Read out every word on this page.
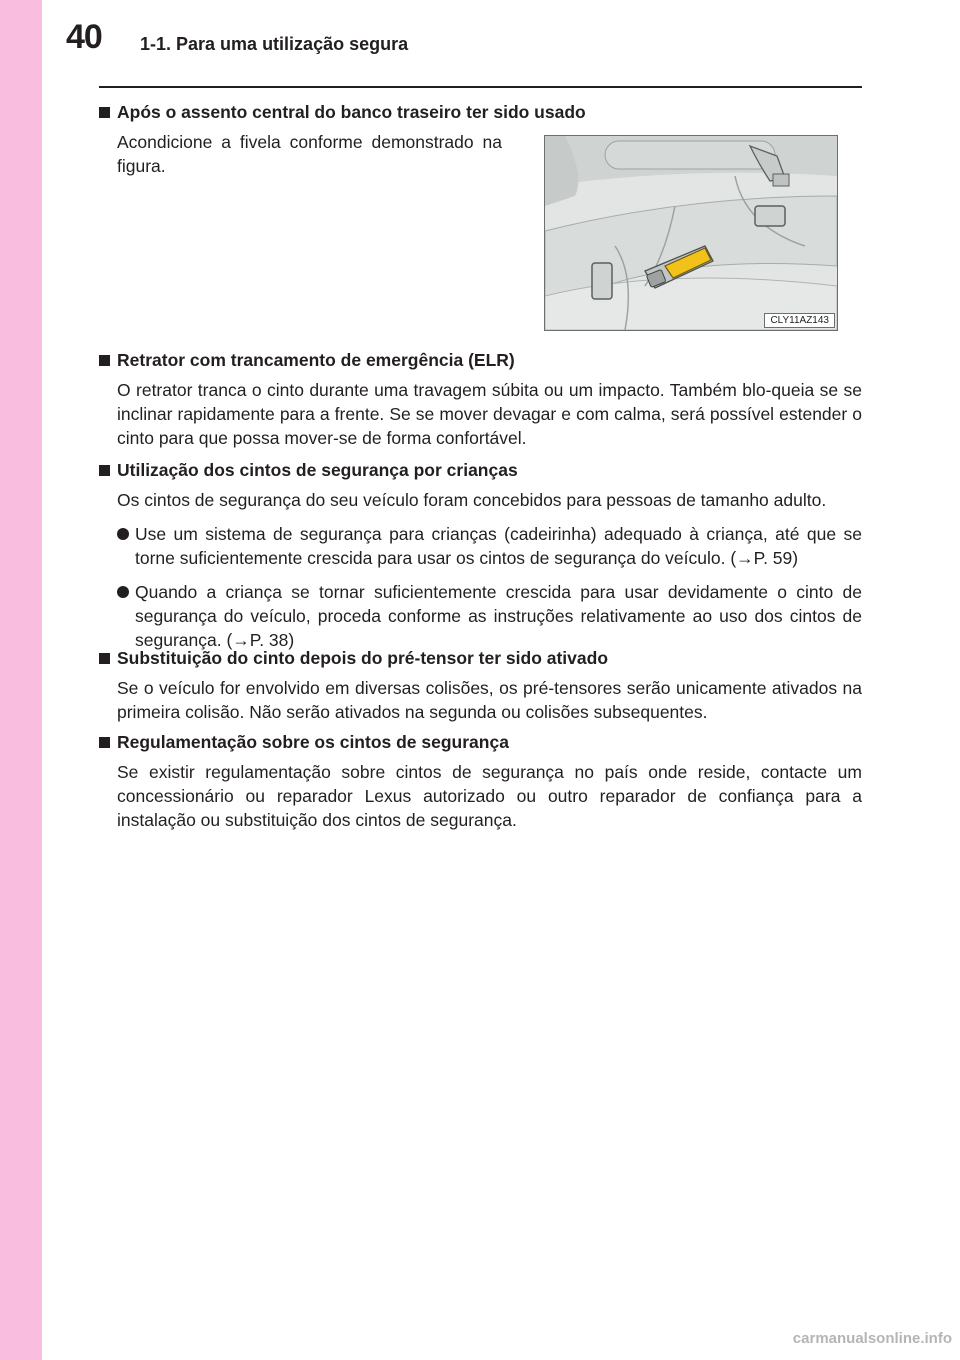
40 1-1. Para uma utilização segura
Após o assento central do banco traseiro ter sido usado
Acondicione a fivela conforme demonstrado na figura.
CLY11AZ143
Retrator com trancamento de emergência (ELR)
O retrator tranca o cinto durante uma travagem súbita ou um impacto. Também blo-queia se se inclinar rapidamente para a frente. Se se mover devagar e com calma, será possível estender o cinto para que possa mover-se de forma confortável.
Utilização dos cintos de segurança por crianças
Os cintos de segurança do seu veículo foram concebidos para pessoas de tamanho adulto.
Use um sistema de segurança para crianças (cadeirinha) adequado à criança, até que se torne suficientemente crescida para usar os cintos de segurança do veículo. (→P. 59)
Quando a criança se tornar suficientemente crescida para usar devidamente o cinto de segurança do veículo, proceda conforme as instruções relativamente ao uso dos cintos de segurança. (→P. 38)
Substituição do cinto depois do pré-tensor ter sido ativado
Se o veículo for envolvido em diversas colisões, os pré-tensores serão unicamente ativados na primeira colisão. Não serão ativados na segunda ou colisões subsequentes.
Regulamentação sobre os cintos de segurança
Se existir regulamentação sobre cintos de segurança no país onde reside, contacte um concessionário ou reparador Lexus autorizado ou outro reparador de confiança para a instalação ou substituição dos cintos de segurança.
carmanualsonline.info
